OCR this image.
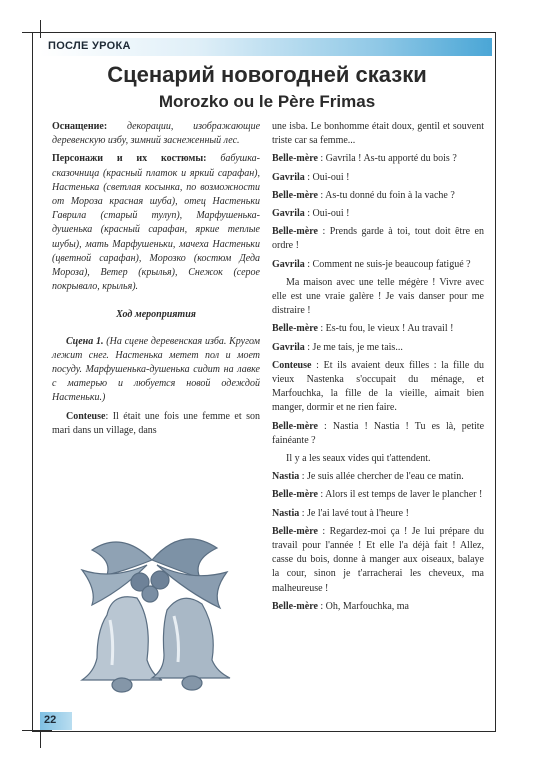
ПОСЛЕ УРОКА
Сценарий новогодней сказки
Morozko ou le Père Frimas

Оснащение: декорации, изображающие деревенскую избу, зимний заснеженный лес.

Персонажи и их костюмы: бабушка-сказочница (красный платок и яркий сарафан), Настенька (светлая косынка, по возможности от Мороза красная шуба), отец Настеньки Гаврила (старый тулуп), Марфушенька-душенька (красный сарафан, яркие теплые шубы), мать Марфушеньки, мачеха Настеньки (цветной сарафан), Морозко (костюм Деда Мороза), Ветер (крылья), Снежок (серое покрывало, крылья).

Ход мероприятия

Сцена 1. (На сцене деревенская изба. Кругом лежит снег. Настенька метет пол и моет посуду. Марфушенька-душенька сидит на лавке с матерью и любуется новой одеждой Настеньки.)

Conteuse: Il était une fois une femme et son mari dans un village, dans

une isba. Le bonhomme était doux, gentil et souvent triste car sa femme...

Belle-mère : Gavrila ! As-tu apporté du bois ?

Gavrila : Oui-oui !

Belle-mère : As-tu donné du foin à la vache ?

Gavrila : Oui-oui !

Belle-mère : Prends garde à toi, tout doit être en ordre !

Gavrila : Comment ne suis-je beaucoup fatigué ?

Ma maison avec une telle mégère ! Vivre avec elle est une vraie galère ! Je vais danser pour me distraire !

Belle-mère : Es-tu fou, le vieux ! Au travail !

Gavrila : Je me tais, je me tais...

Conteuse : Et ils avaient deux filles : la fille du vieux Nastenka s'occupait du ménage, et Marfouchka, la fille de la vieille, aimait bien manger, dormir et ne rien faire.

Belle-mère : Nastia ! Nastia ! Tu es là, petite fainéante ?

Il y a les seaux vides qui t'attendent.

Nastia : Je suis allée chercher de l'eau ce matin.

Belle-mère : Alors il est temps de laver le plancher !

Nastia : Je l'ai lavé tout à l'heure !

Belle-mère : Regardez-moi ça ! Je lui prépare du travail pour l'année ! Et elle l'a déjà fait ! Allez, casse du bois, donne à manger aux oiseaux, balaye la cour, sinon je t'arracherai les cheveux, ma malheureuse !

Belle-mère : Oh, Marfouchka, ma

22
